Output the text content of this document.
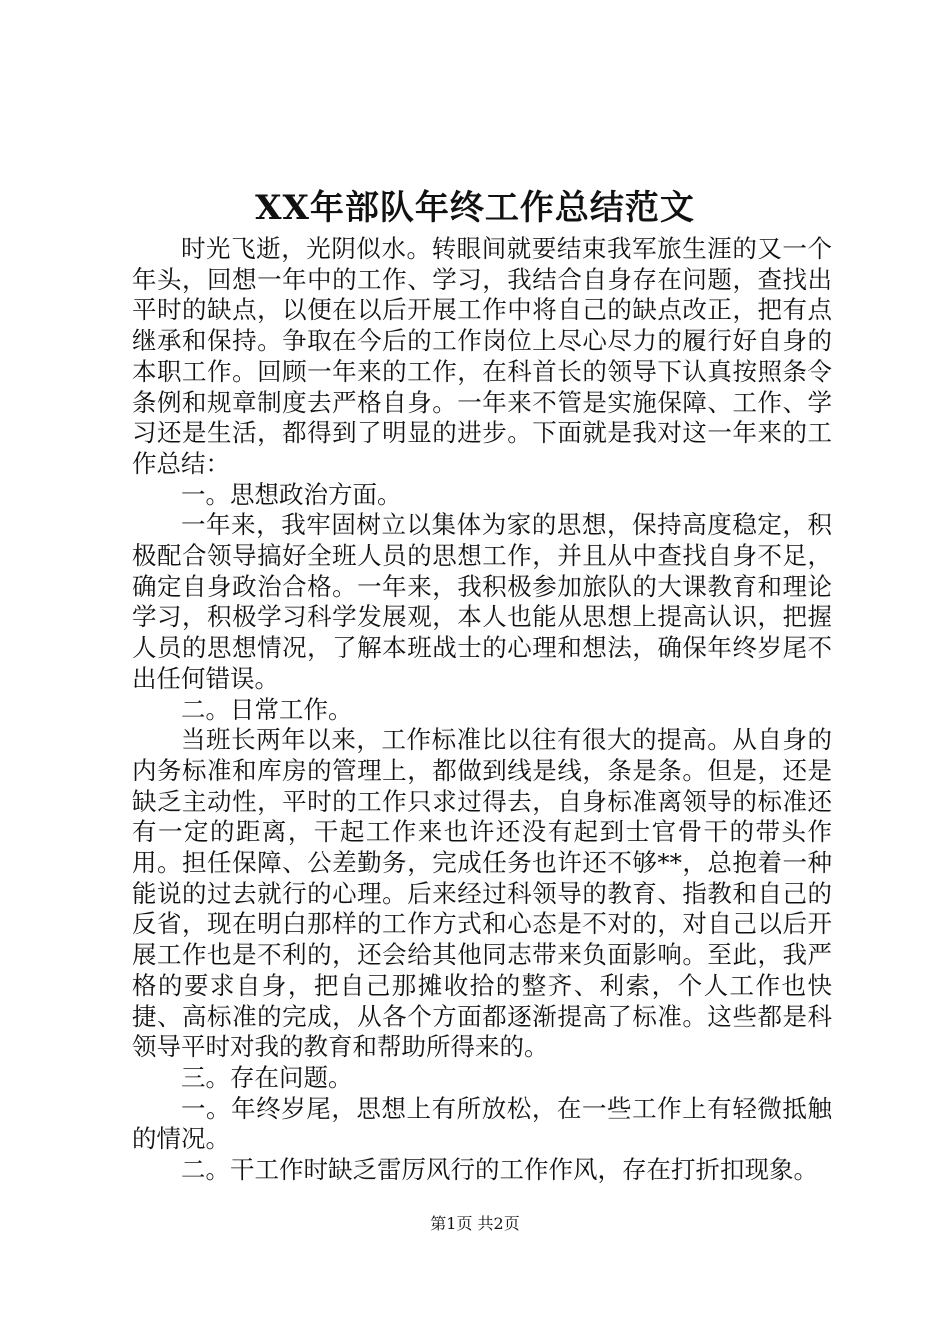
XX年部队年终工作总结范文

时光飞逝，光阴似水。转眼间就要结束我军旅生涯的又一个年头，回想一年中的工作、学习，我结合自身存在问题，查找出平时的缺点，以便在以后开展工作中将自己的缺点改正，把有点继承和保持。争取在今后的工作岗位上尽心尽力的履行好自身的本职工作。回顾一年来的工作，在科首长的领导下认真按照条令条例和规章制度去严格自身。一年来不管是实施保障、工作、学习还是生活，都得到了明显的进步。下面就是我对这一年来的工作总结：

一。思想政治方面。

一年来，我牢固树立以集体为家的思想，保持高度稳定，积极配合领导搞好全班人员的思想工作，并且从中查找自身不足，确定自身政治合格。一年来，我积极参加旅队的大课教育和理论学习，积极学习科学发展观，本人也能从思想上提高认识，把握人员的思想情况，了解本班战士的心理和想法，确保年终岁尾不出任何错误。

二。日常工作。

当班长两年以来，工作标准比以往有很大的提高。从自身的内务标准和库房的管理上，都做到线是线，条是条。但是，还是缺乏主动性，平时的工作只求过得去，自身标准离领导的标准还有一定的距离，干起工作来也许还没有起到士官骨干的带头作用。担任保障、公差勤务，完成任务也许还不够**，总抱着一种能说的过去就行的心理。后来经过科领导的教育、指教和自己的反省，现在明白那样的工作方式和心态是不对的，对自己以后开展工作也是不利的，还会给其他同志带来负面影响。至此，我严格的要求自身，把自己那摊收拾的整齐、利索，个人工作也快捷、高标准的完成，从各个方面都逐渐提高了标准。这些都是科领导平时对我的教育和帮助所得来的。

三。存在问题。

一。年终岁尾，思想上有所放松，在一些工作上有轻微抵触的情况。

二。干工作时缺乏雷厉风行的工作作风，存在打折扣现象。

第1页 共2页
